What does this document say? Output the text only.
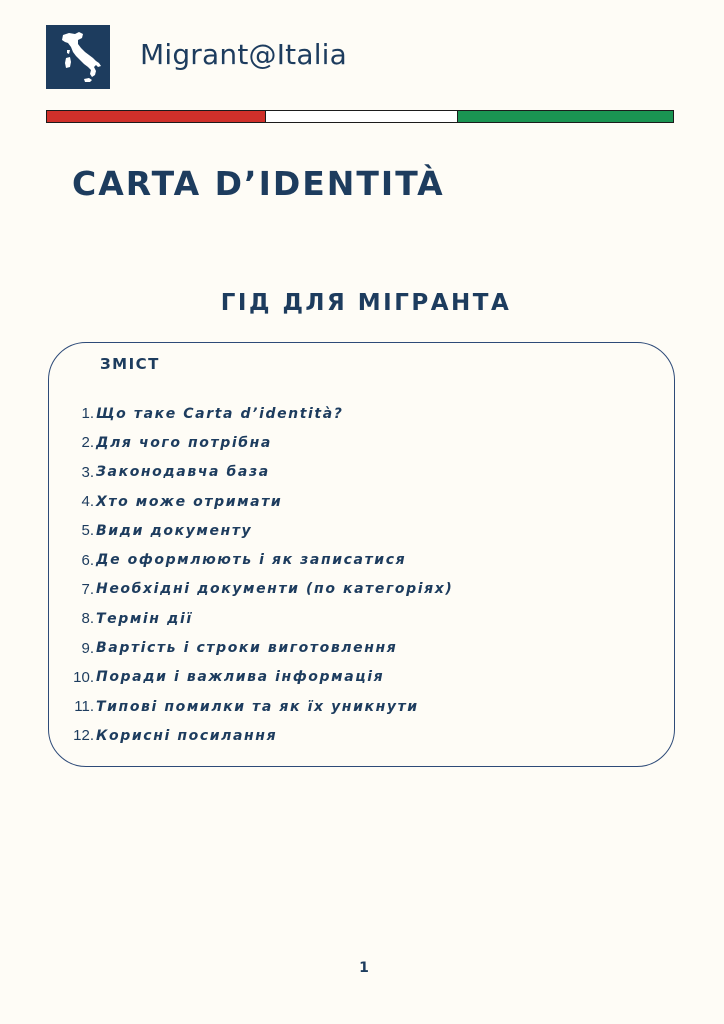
Migrant@Italia
CARTA D’IDENTITÀ
ГІД ДЛЯ МІГРАНТА
ЗМІСТ
1. Що таке Carta d’identità?
2. Для чого потрібна
3. Законодавча база
4. Хто може отримати
5. Види документу
6. Де оформлюють і як записатися
7. Необхідні документи (по категоріях)
8. Термін дії
9. Вартість і строки виготовлення
10. Поради і важлива інформація
11. Типові помилки та як їх уникнути
12. Корисні посилання
1
